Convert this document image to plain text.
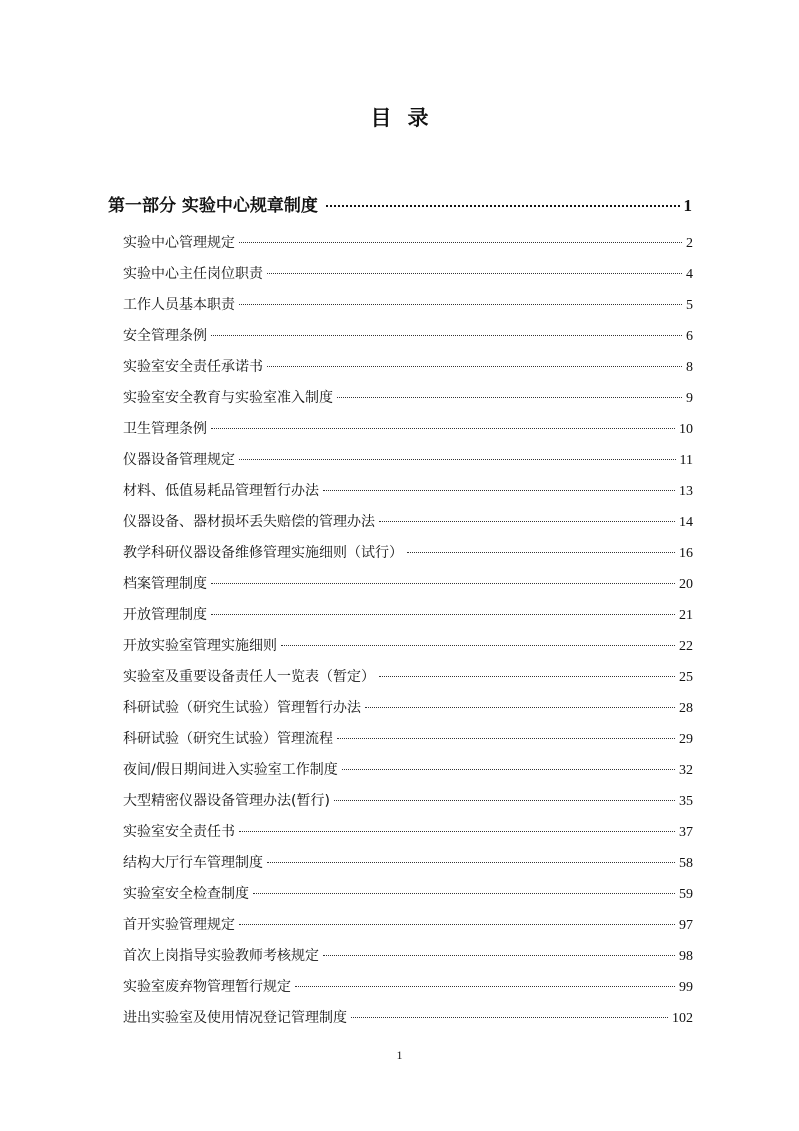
目录
第一部分 实验中心规章制度	1
实验中心管理规定	2
实验中心主任岗位职责	4
工作人员基本职责	5
安全管理条例	6
实验室安全责任承诺书	8
实验室安全教育与实验室准入制度	9
卫生管理条例	10
仪器设备管理规定	11
材料、低值易耗品管理暂行办法	13
仪器设备、器材损坏丢失赔偿的管理办法	14
教学科研仪器设备维修管理实施细则（试行）	16
档案管理制度	20
开放管理制度	21
开放实验室管理实施细则	22
实验室及重要设备责任人一览表（暂定）	25
科研试验（研究生试验）管理暂行办法	28
科研试验（研究生试验）管理流程	29
夜间/假日期间进入实验室工作制度	32
大型精密仪器设备管理办法(暂行)	35
实验室安全责任书	37
结构大厅行车管理制度	58
实验室安全检查制度	59
首开实验管理规定	97
首次上岗指导实验教师考核规定	98
实验室废弃物管理暂行规定	99
进出实验室及使用情况登记管理制度	102
1
